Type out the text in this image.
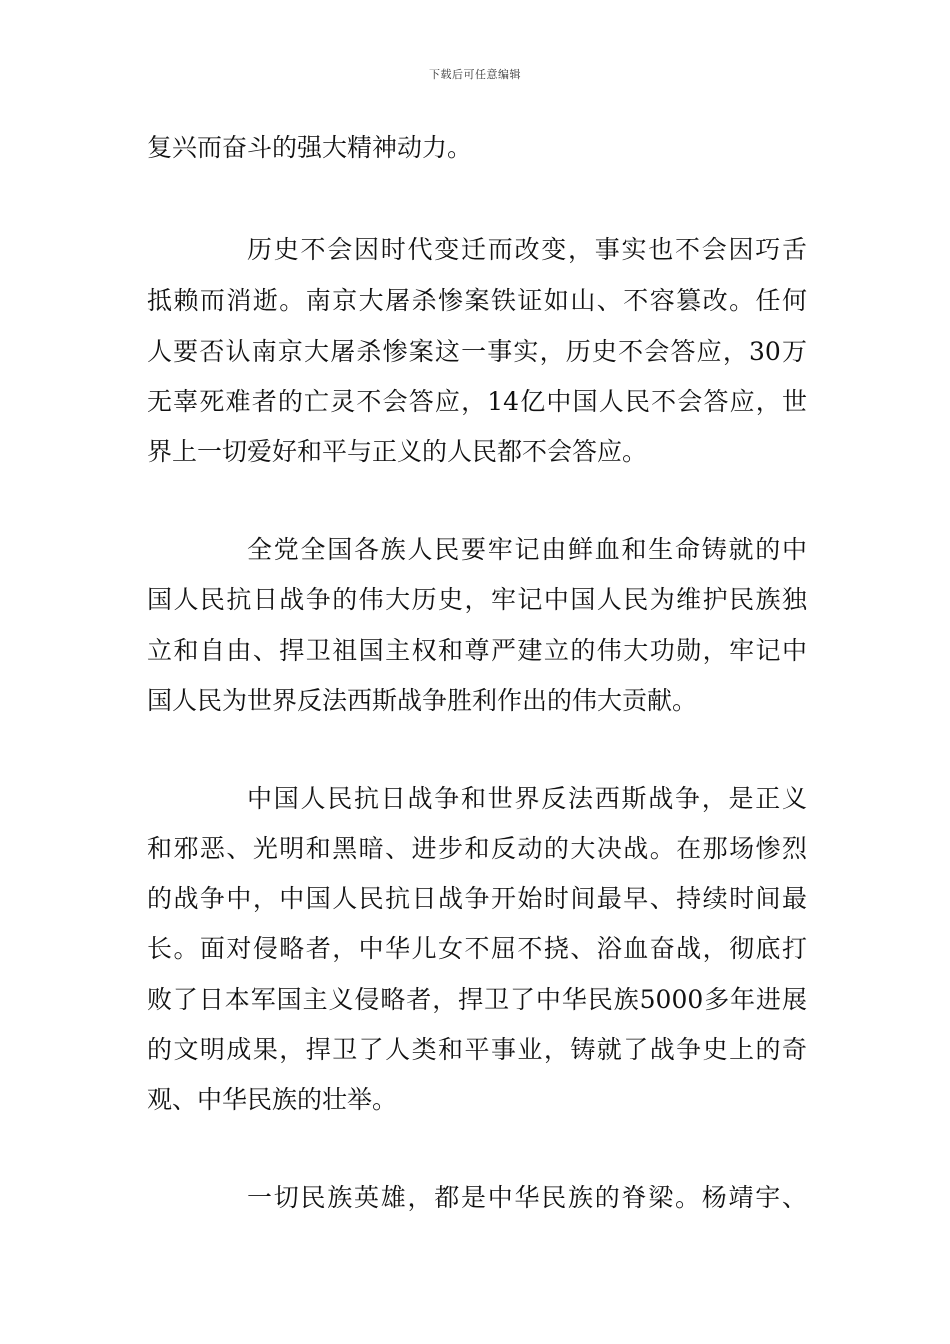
下载后可任意编辑
复兴而奋斗的强大精神动力。
历史不会因时代变迁而改变，事实也不会因巧舌
抵赖而消逝。南京大屠杀惨案铁证如山、不容篡改。任何
人要否认南京大屠杀惨案这一事实，历史不会答应，30万
无辜死难者的亡灵不会答应，14亿中国人民不会答应，世
界上一切爱好和平与正义的人民都不会答应。
全党全国各族人民要牢记由鲜血和生命铸就的中
国人民抗日战争的伟大历史，牢记中国人民为维护民族独
立和自由、捍卫祖国主权和尊严建立的伟大功勋，牢记中
国人民为世界反法西斯战争胜利作出的伟大贡献。
中国人民抗日战争和世界反法西斯战争，是正义
和邪恶、光明和黑暗、进步和反动的大决战。在那场惨烈
的战争中，中国人民抗日战争开始时间最早、持续时间最
长。面对侵略者，中华儿女不屈不挠、浴血奋战，彻底打
败了日本军国主义侵略者，捍卫了中华民族5000多年进展
的文明成果，捍卫了人类和平事业，铸就了战争史上的奇
观、中华民族的壮举。
一切民族英雄，都是中华民族的脊梁。杨靖宇、
